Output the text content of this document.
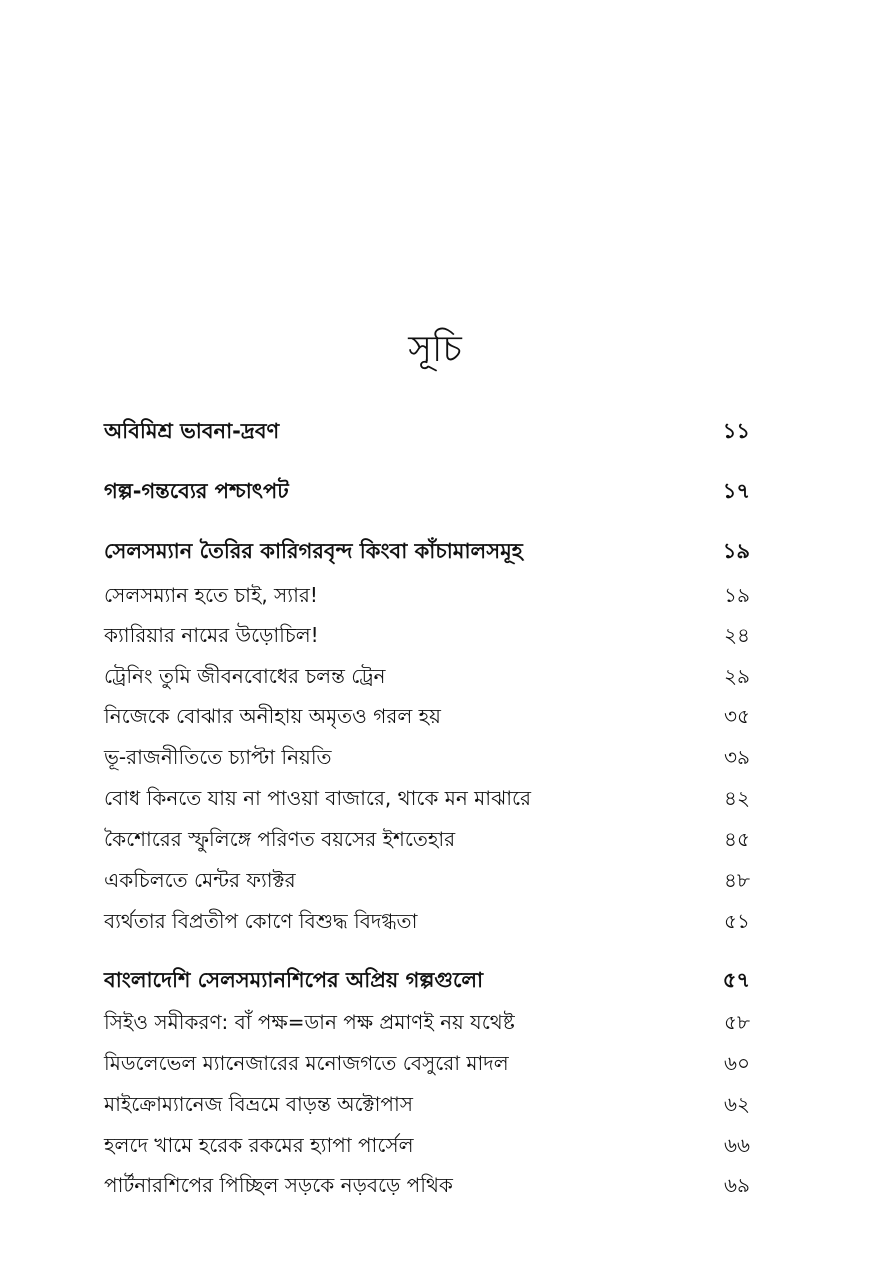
সূচি
অবিমিশ্র ভাবনা-দ্রবণ	১১
গল্প-গন্তব্যের পশ্চাৎপট	১৭
সেলসম্যান তৈরির কারিগরবৃন্দ কিংবা কাঁচামালসমূহ	১৯
সেলসম্যান হতে চাই, স্যার!	১৯
ক্যারিয়ার নামের উড়োচিল!	২৪
ট্রেনিং তুমি জীবনবোধের চলন্ত ট্রেন	২৯
নিজেকে বোঝার অনীহায় অমৃতও গরল হয়	৩৫
ভূ-রাজনীতিতে চ্যাপ্টা নিয়তি	৩৯
বোধ কিনতে যায় না পাওয়া বাজারে, থাকে মন মাঝারে	৪২
কৈশোরের স্ফুলিঙ্গে পরিণত বয়সের ইশতেহার	৪৫
একচিলতে মেন্টর ফ্যাক্টর	৪৮
ব্যর্থতার বিপ্রতীপ কোণে বিশুদ্ধ বিদগ্ধতা	৫১
বাংলাদেশি সেলসম্যানশিপের অপ্রিয় গল্পগুলো	৫৭
সিইও সমীকরণ: বাঁ পক্ষ=ডান পক্ষ প্রমাণই নয় যথেষ্ট	৫৮
মিডলেভেল ম্যানেজারের মনোজগতে বেসুরো মাদল	৬০
মাইক্রোম্যানেজ বিভ্রমে বাড়ন্ত অক্টোপাস	৬২
হলদে খামে হরেক রকমের হ্যাপা পার্সেল	৬৬
পার্টনারশিপের পিচ্ছিল সড়কে নড়বড়ে পথিক	৬৯
